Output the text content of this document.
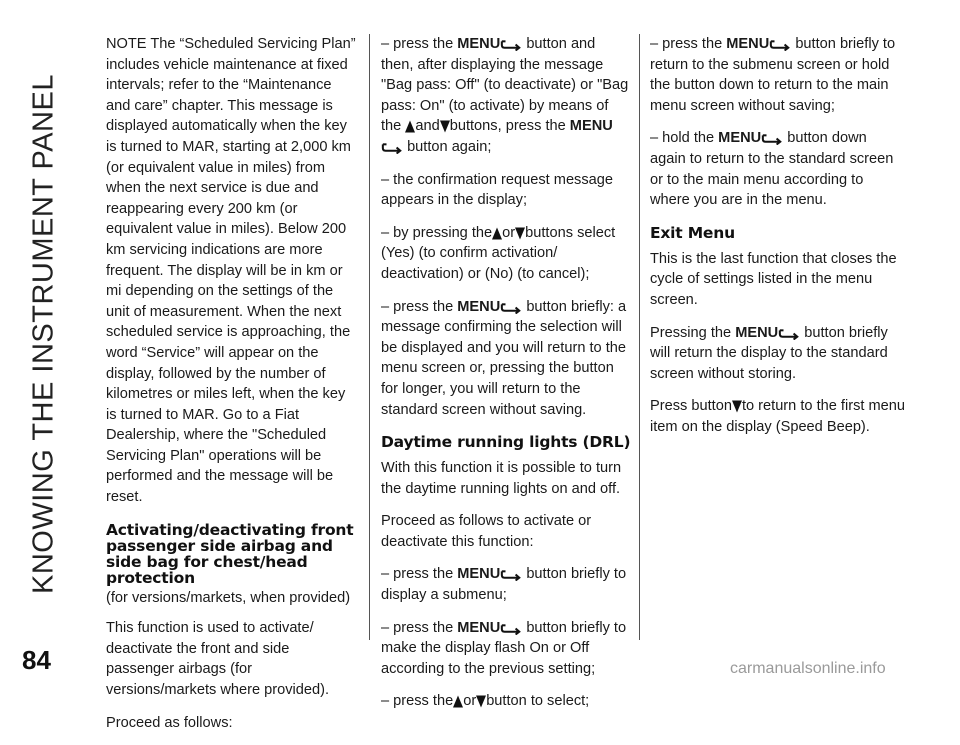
KNOWING THE INSTRUMENT PANEL

NOTE The “Scheduled Servicing Plan” includes vehicle maintenance at fixed intervals; refer to the “Maintenance and care” chapter. This message is displayed automatically when the key is turned to MAR, starting at 2,000 km (or equivalent value in miles) from when the next service is due and reappearing every 200 km (or equivalent value in miles). Below 200 km servicing indications are more frequent. The display will be in km or mi depending on the settings of the unit of measurement. When the next scheduled service is approaching, the word “Service” will appear on the display, followed by the number of kilometres or miles left, when the key is turned to MAR. Go to a Fiat Dealership, where the "Scheduled Servicing Plan" operations will be performed and the message will be reset.

Activating/deactivating front passenger side airbag and side bag for chest/head protection

(for versions/markets, when provided)

This function is used to activate/ deactivate the front and side passenger airbags (for versions/markets where provided).

Proceed as follows:

– press the MENU button and then, after displaying the message "Bag pass: Off" (to deactivate) or "Bag pass: On" (to activate) by means of the and buttons, press the MENU  button again;

– the confirmation request message appears in the display;

– by pressing the or buttons select (Yes) (to confirm activation/ deactivation) or (No) (to cancel);

– press the MENU button briefly: a message confirming the selection will be displayed and you will return to the menu screen or, pressing the button for longer, you will return to the standard screen without saving.

Daytime running lights (DRL)

With this function it is possible to turn the daytime running lights on and off.

Proceed as follows to activate or deactivate this function:

– press the MENU button briefly to display a submenu;

– press the MENU button briefly to make the display flash On or Off according to the previous setting;

– press the or button to select;

– press the MENU button briefly to return to the submenu screen or hold the button down to return to the main menu screen without saving;

– hold the MENU button down again to return to the standard screen or to the main menu according to where you are in the menu.

Exit Menu

This is the last function that closes the cycle of settings listed in the menu screen.

Pressing the MENU button briefly will return the display to the standard screen without storing.

Press button to return to the first menu item on the display (Speed Beep).

84	carmanualsonline.info
